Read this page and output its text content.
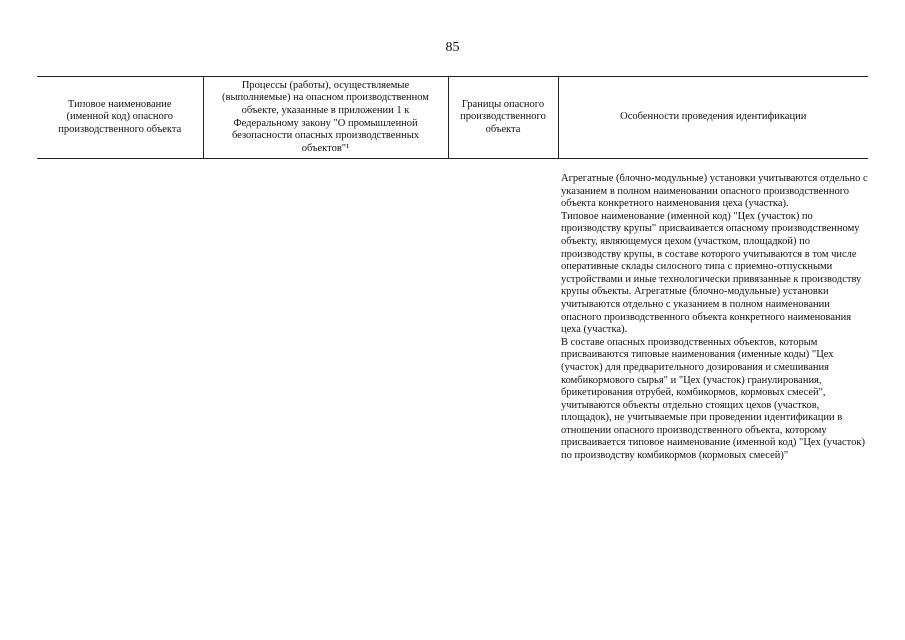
85
Типовое наименование (именной код) опасного производственного объекта	Процессы (работы), осуществляемые (выполняемые) на опасном производственном объекте, указанные в приложении 1 к Федеральному закону "О промышленной безопасности опасных производственных объектов"¹	Границы опасного производственного объекта	Особенности проведения идентификации

			Агрегатные (блочно-модульные) установки учитываются отдельно с указанием в полном наименовании опасного производственного объекта конкретного наименования цеха (участка).
Типовое наименование (именной код) "Цех (участок) по производству крупы" присваивается опасному производственному объекту, являющемуся цехом (участком, площадкой) по производству крупы, в составе которого учитываются в том числе оперативные склады силосного типа с приемно-отпускными устройствами и иные технологически привязанные к производству крупы объекты. Агрегатные (блочно-модульные) установки учитываются отдельно с указанием в полном наименовании опасного производственного объекта конкретного наименования цеха (участка).
В составе опасных производственных объектов, которым присваиваются типовые наименования (именные коды) "Цех (участок) для предварительного дозирования и смешивания комбикормового сырья" и "Цех (участок) гранулирования, брикетирования отрубей, комбикормов, кормовых смесей", учитываются объекты отдельно стоящих цехов (участков, площадок), не учитываемые при проведении идентификации в отношении опасного производственного объекта, которому присваивается типовое наименование (именной код) "Цех (участок) по производству комбикормов (кормовых смесей)"
